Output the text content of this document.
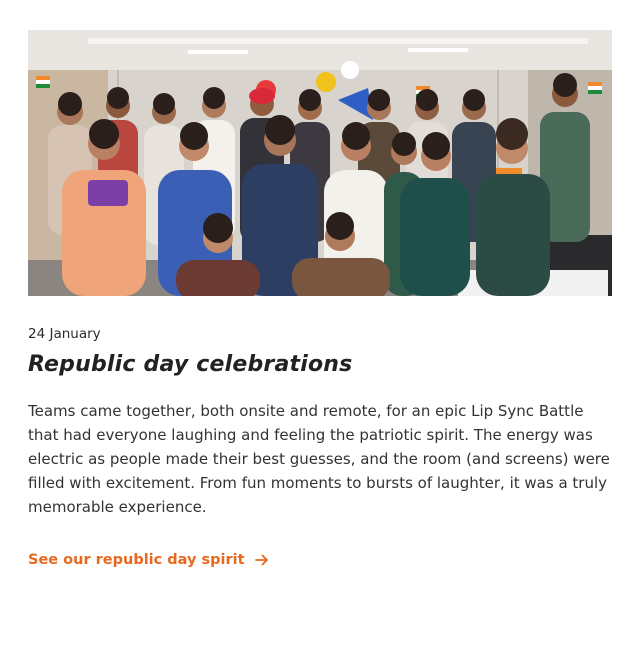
24 January
Republic day celebrations

Teams came together, both onsite and remote, for an epic Lip Sync Battle that had everyone laughing and feeling the patriotic spirit. The energy was electric as people made their best guesses, and the room (and screens) were filled with excitement. From fun moments to bursts of laughter, it was a truly memorable experience.

See our republic day spirit
